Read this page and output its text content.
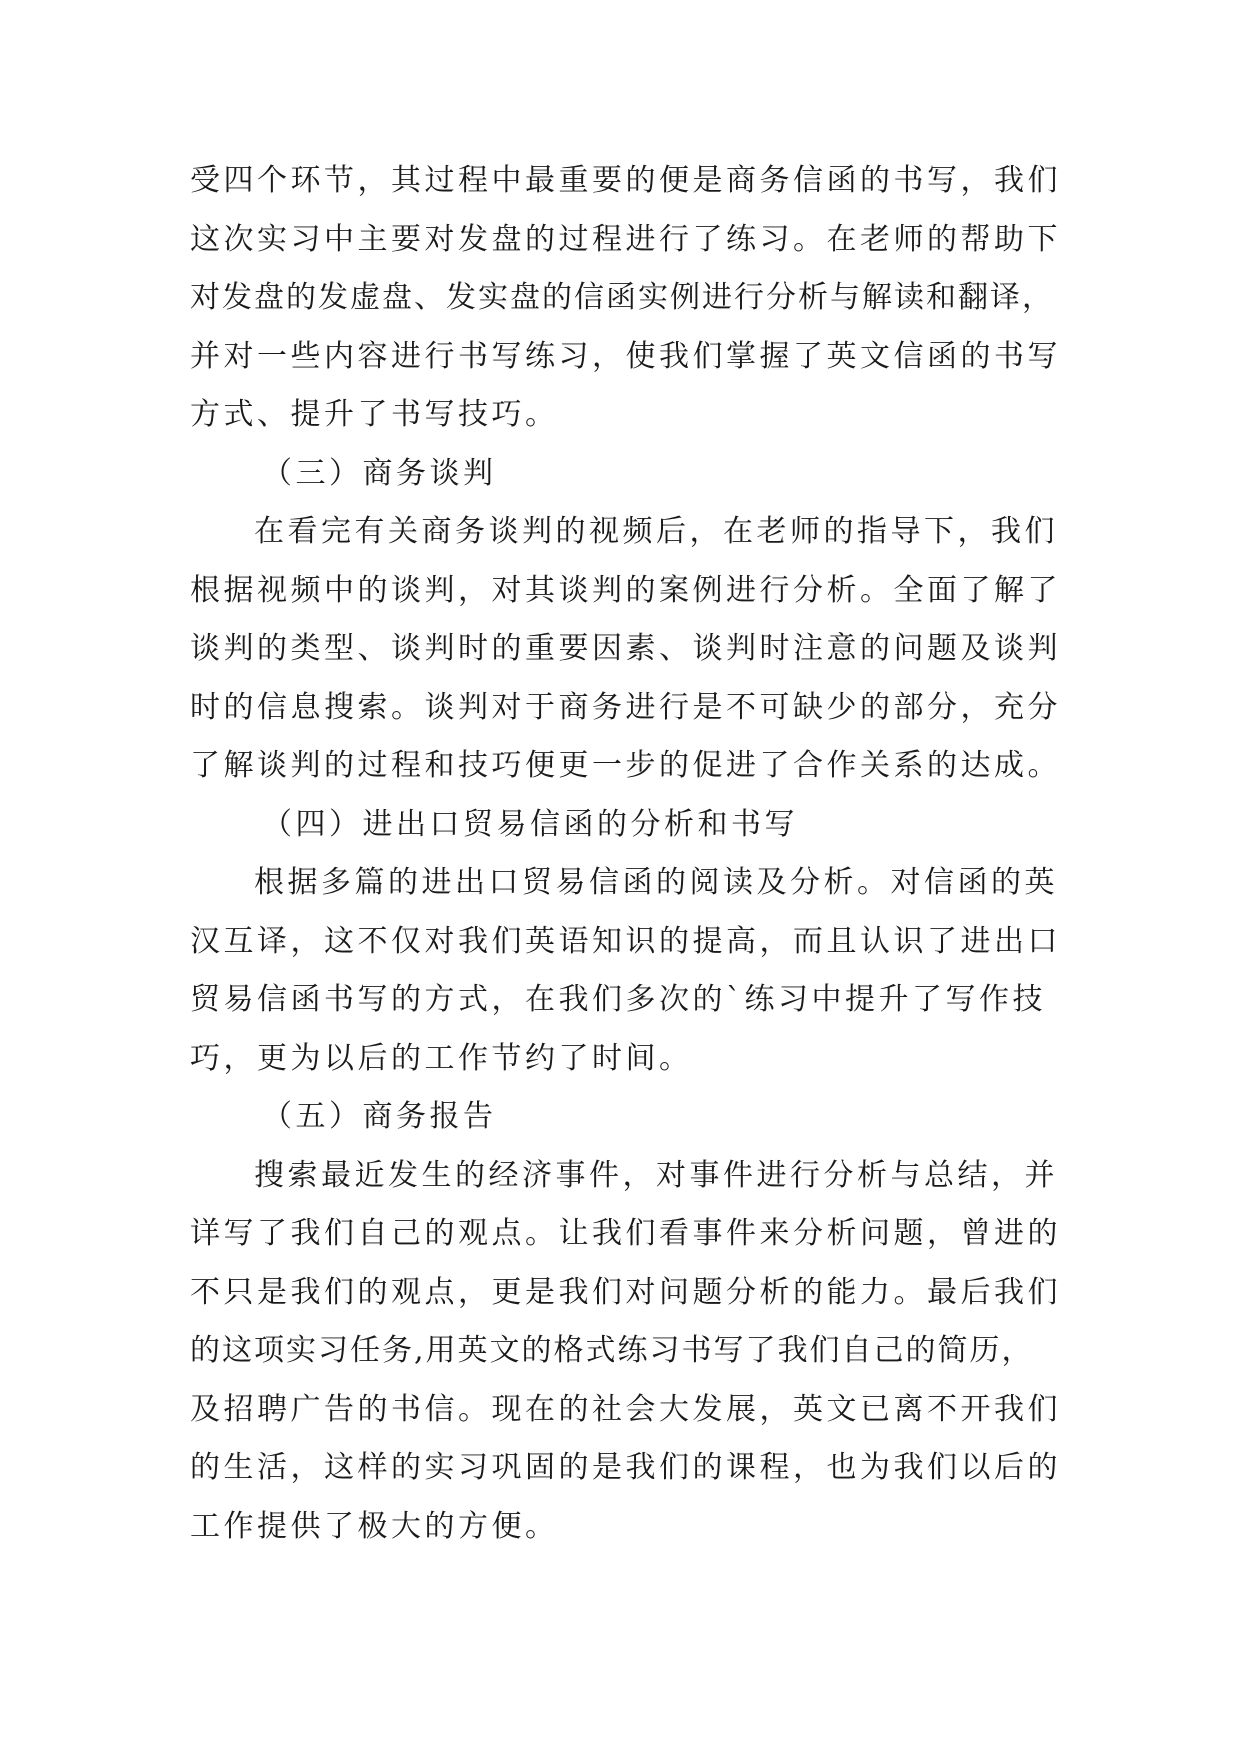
受四个环节，其过程中最重要的便是商务信函的书写，我们
这次实习中主要对发盘的过程进行了练习。在老师的帮助下
对发盘的发虚盘、发实盘的信函实例进行分析与解读和翻译，
并对一些内容进行书写练习，使我们掌握了英文信函的书写
方式、提升了书写技巧。
（三）商务谈判
在看完有关商务谈判的视频后，在老师的指导下，我们
根据视频中的谈判，对其谈判的案例进行分析。全面了解了
谈判的类型、谈判时的重要因素、谈判时注意的问题及谈判
时的信息搜索。谈判对于商务进行是不可缺少的部分，充分
了解谈判的过程和技巧便更一步的促进了合作关系的达成。
（四）进出口贸易信函的分析和书写
根据多篇的进出口贸易信函的阅读及分析。对信函的英
汉互译，这不仅对我们英语知识的提高，而且认识了进出口
贸易信函书写的方式，在我们多次的`练习中提升了写作技
巧，更为以后的工作节约了时间。
（五）商务报告
搜索最近发生的经济事件，对事件进行分析与总结，并
详写了我们自己的观点。让我们看事件来分析问题，曾进的
不只是我们的观点，更是我们对问题分析的能力。最后我们
的这项实习任务,用英文的格式练习书写了我们自己的简历，
及招聘广告的书信。现在的社会大发展，英文已离不开我们
的生活，这样的实习巩固的是我们的课程，也为我们以后的
工作提供了极大的方便。
